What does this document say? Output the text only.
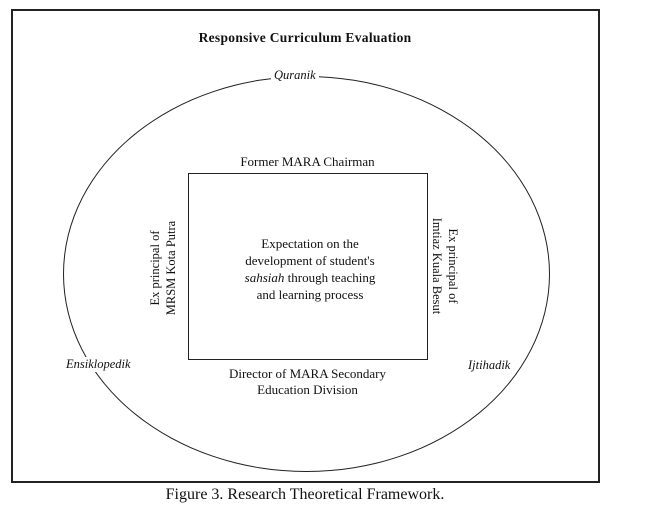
Responsive Curriculum Evaluation
Quranik
Ensiklopedik	Ijtihadik
Former MARA Chairman
Expectation on the
development of student's
sahsiah through teaching
and learning process
Ex principal of MRSM Kota Putra	Ex principal of
Imtiaz Kuala Besut
Director of MARA Secondary
Education Division
Figure 3. Research Theoretical Framework.
